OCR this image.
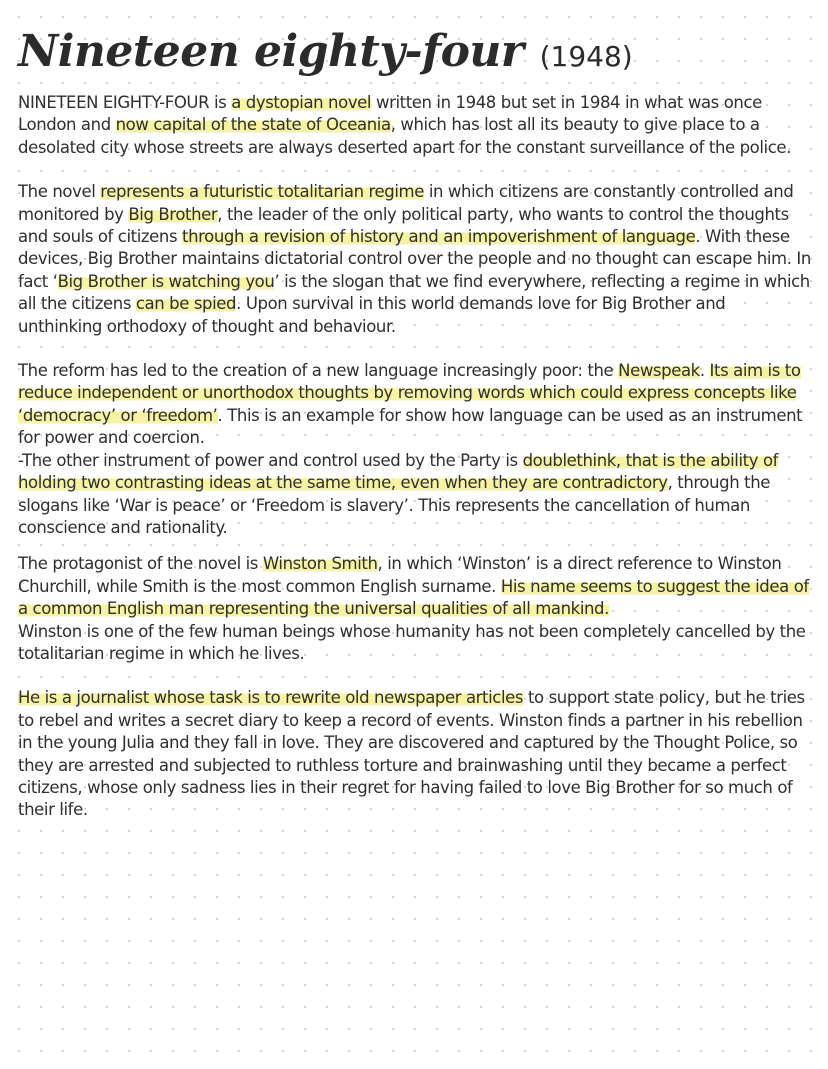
Nineteen eighty-four (1948)

NINETEEN EIGHTY-FOUR is a dystopian novel written in 1948 but set in 1984 in what was once London and now capital of the state of Oceania, which has lost all its beauty to give place to a desolated city whose streets are always deserted apart for the constant surveillance of the police.

The novel represents a futuristic totalitarian regime in which citizens are constantly controlled and monitored by Big Brother, the leader of the only political party, who wants to control the thoughts and souls of citizens through a revision of history and an impoverishment of language. With these devices, Big Brother maintains dictatorial control over the people and no thought can escape him. In fact ‘Big Brother is watching you’ is the slogan that we find everywhere, reflecting a regime in which all the citizens can be spied. Upon survival in this world demands love for Big Brother and unthinking orthodoxy of thought and behaviour.

The reform has led to the creation of a new language increasingly poor: the Newspeak. Its aim is to reduce independent or unorthodox thoughts by removing words which could express concepts like ‘democracy’ or ‘freedom’. This is an example for show how language can be used as an instrument for power and coercion.

-The other instrument of power and control used by the Party is doublethink, that is the ability of holding two contrasting ideas at the same time, even when they are contradictory, through the slogans like ‘War is peace’ or ‘Freedom is slavery’. This represents the cancellation of human conscience and rationality.

The protagonist of the novel is Winston Smith, in which ‘Winston’ is a direct reference to Winston Churchill, while Smith is the most common English surname. His name seems to suggest the idea of a common English man representing the universal qualities of all mankind.

Winston is one of the few human beings whose humanity has not been completely cancelled by the totalitarian regime in which he lives.

He is a journalist whose task is to rewrite old newspaper articles to support state policy, but he tries to rebel and writes a secret diary to keep a record of events. Winston finds a partner in his rebellion in the young Julia and they fall in love. They are discovered and captured by the Thought Police, so they are arrested and subjected to ruthless torture and brainwashing until they became a perfect citizens, whose only sadness lies in their regret for having failed to love Big Brother for so much of their life.
